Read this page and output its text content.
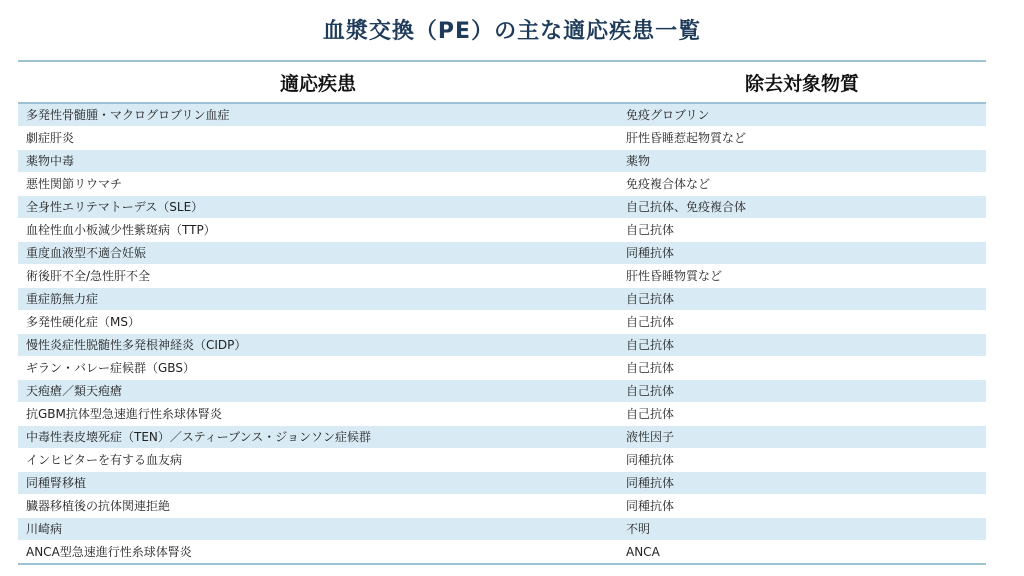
血漿交換（PE）の主な適応疾患一覧
適応疾患	除去対象物質
多発性骨髄腫・マクログロブリン血症	免疫グロブリン
劇症肝炎	肝性昏睡惹起物質など
薬物中毒	薬物
悪性関節リウマチ	免疫複合体など
全身性エリテマトーデス（SLE）	自己抗体、免疫複合体
血栓性血小板減少性紫斑病（TTP）	自己抗体
重度血液型不適合妊娠	同種抗体
術後肝不全/急性肝不全	肝性昏睡物質など
重症筋無力症	自己抗体
多発性硬化症（MS）	自己抗体
慢性炎症性脱髄性多発根神経炎（CIDP）	自己抗体
ギラン・バレー症候群（GBS）	自己抗体
天疱瘡／類天疱瘡	自己抗体
抗GBM抗体型急速進行性糸球体腎炎	自己抗体
中毒性表皮壊死症（TEN）／スティーブンス・ジョンソン症候群	液性因子
インヒビターを有する血友病	同種抗体
同種腎移植	同種抗体
臓器移植後の抗体関連拒絶	同種抗体
川崎病	不明
ANCA型急速進行性糸球体腎炎	ANCA
